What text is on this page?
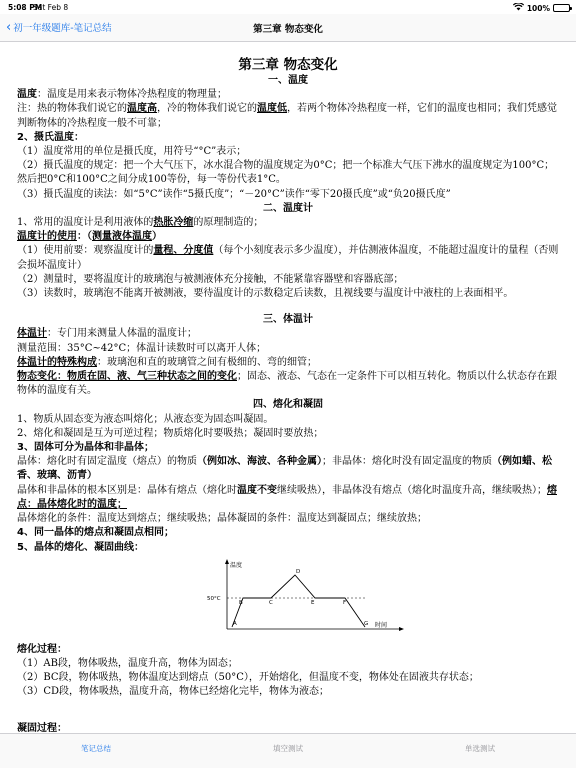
5:08 PM
Sat Feb 8	100%
‹ 初一年级题库-笔记总结	第三章 物态变化
第三章 物态变化
一、温度
温度：温度是用来表示物体冷热程度的物理量；
注：热的物体我们说它的温度高，冷的物体我们说它的温度低，若两个物体冷热程度一样，它们的温度也相同；我们凭感觉判断物体的冷热程度一般不可靠；
2、摄氏温度：
（1）温度常用的单位是摄氏度，用符号“°C”表示；
（2）摄氏温度的规定：把一个大气压下，冰水混合物的温度规定为0°C；把一个标准大气压下沸水的温度规定为100°C；然后把0°C和100°C之间分成100等份，每一等份代表1°C。
（3）摄氏温度的读法：如“5°C”读作“5摄氏度”；“－20°C”读作“零下20摄氏度”或“负20摄氏度”
二、温度计
1、常用的温度计是利用液体的热胀冷缩的原理制造的；
温度计的使用：（测量液体温度）
（1）使用前要：观察温度计的量程、分度值（每个小刻度表示多少温度），并估测液体温度，不能超过温度计的量程（否则会损坏温度计）
（2）测量时，要将温度计的玻璃泡与被测液体充分接触，不能紧靠容器壁和容器底部；
（3）读数时，玻璃泡不能离开被测液，要待温度计的示数稳定后读数，且视线要与温度计中液柱的上表面相平。
三、体温计
体温计：专门用来测量人体温的温度计；
测量范围：35°C~42°C；体温计读数时可以离开人体；
体温计的特殊构成：玻璃泡和直的玻璃管之间有极细的、弯的细管；
物态变化：物质在固、液、气三种状态之间的变化；固态、液态、气态在一定条件下可以相互转化。物质以什么状态存在跟物体的温度有关。
四、熔化和凝固
1、物质从固态变为液态叫熔化；从液态变为固态叫凝固。
2、熔化和凝固是互为可逆过程；物质熔化时要吸热；凝固时要放热；
3、固体可分为晶体和非晶体；
晶体：熔化时有固定温度（熔点）的物质（例如冰、海波、各种金属）；非晶体：熔化时没有固定温度的物质（例如蜡、松香、玻璃、沥青）
晶体和非晶体的根本区别是：晶体有熔点（熔化时温度不变继续吸热），非晶体没有熔点（熔化时温度升高，继续吸热）；熔点：晶体熔化时的温度；
晶体熔化的条件：温度达到熔点；继续吸热；晶体凝固的条件：温度达到凝固点；继续放热；
4、同一晶体的熔点和凝固点相同；
5、晶体的熔化、凝固曲线：
温度
时间
50°C
A
B	C
D
E	F
G
熔化过程：
（1）AB段，物体吸热，温度升高，物体为固态；
（2）BC段，物体吸热，物体温度达到熔点（50°C），开始熔化，但温度不变，物体处在固液共存状态；
（3）CD段，物体吸热，温度升高，物体已经熔化完毕，物体为液态；
凝固过程：
笔记总结	填空测试	单选测试
